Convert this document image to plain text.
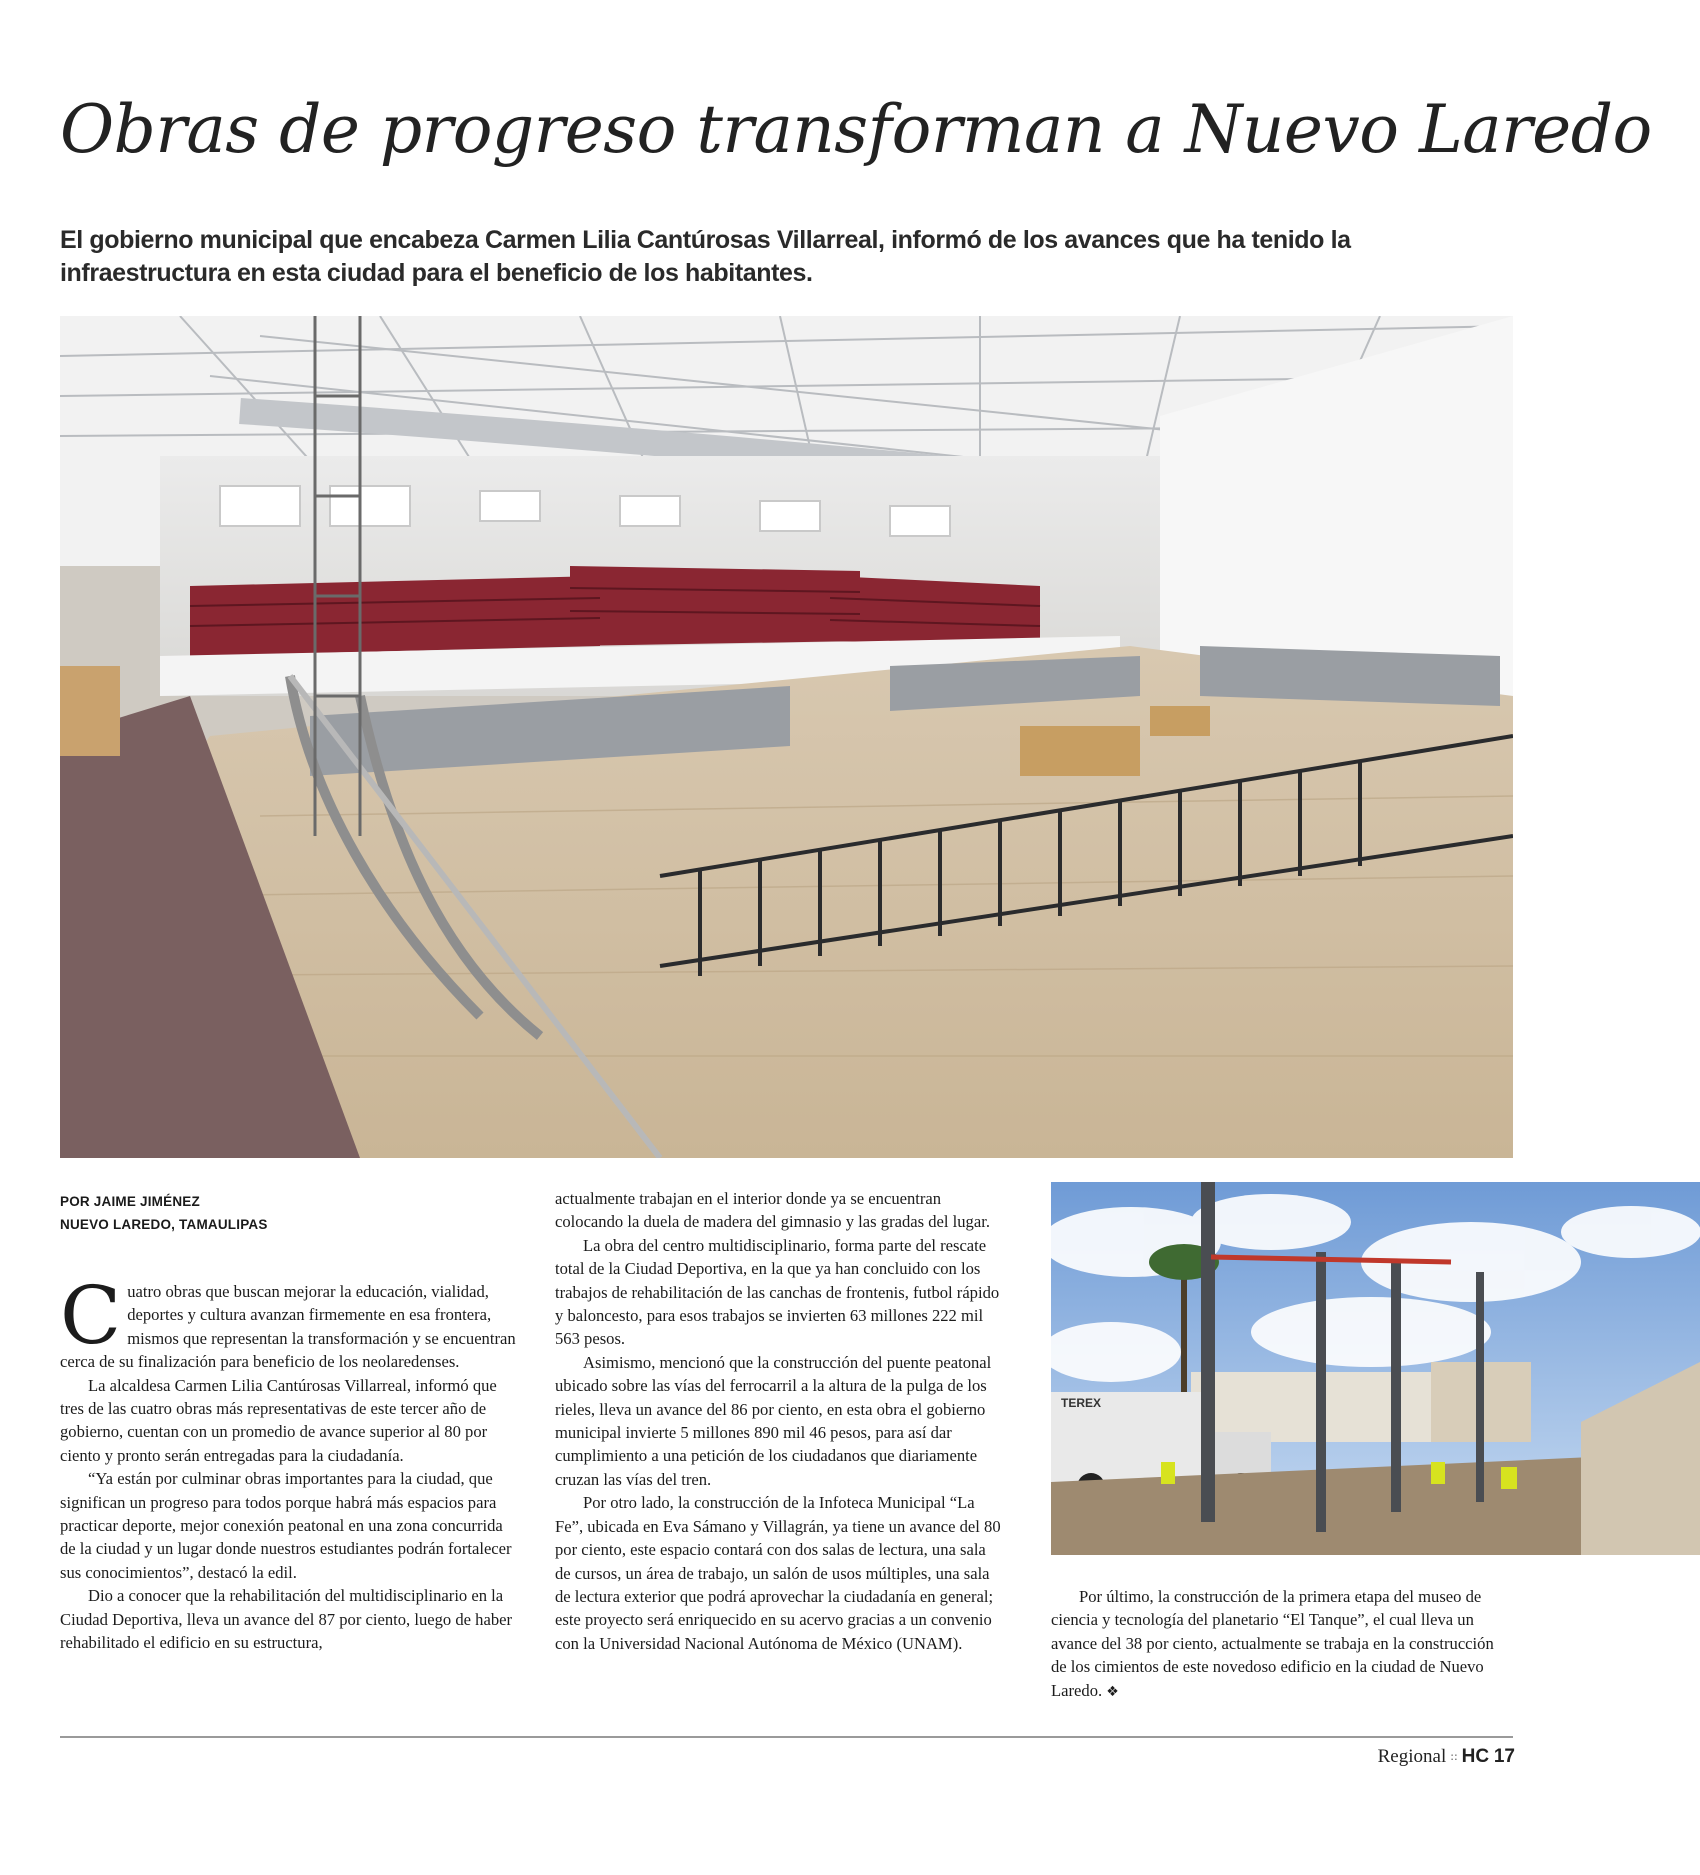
Obras de progreso transforman a Nuevo Laredo

El gobierno municipal que encabeza Carmen Lilia Cantúrosas Villarreal, informó de los avances que ha tenido la infraestructura en esta ciudad para el beneficio de los habitantes.

POR JAIME JIMÉNEZ
NUEVO LAREDO, TAMAULIPAS

Cuatro obras que buscan mejorar la educación, vialidad, deportes y cultura avanzan firmemente en esa frontera, mismos que representan la transformación y se encuentran cerca de su finalización para beneficio de los neolaredenses.

La alcaldesa Carmen Lilia Cantúrosas Villarreal, informó que tres de las cuatro obras más representativas de este tercer año de gobierno, cuentan con un promedio de avance superior al 80 por ciento y pronto serán entregadas para la ciudadanía.

“Ya están por culminar obras importantes para la ciudad, que significan un progreso para todos porque habrá más espacios para practicar deporte, mejor conexión peatonal en una zona concurrida de la ciudad y un lugar donde nuestros estudiantes podrán fortalecer sus conocimientos”, destacó la edil.

Dio a conocer que la rehabilitación del multidisciplinario en la Ciudad Deportiva, lleva un avance del 87 por ciento, luego de haber rehabilitado el edificio en su estructura,

actualmente trabajan en el interior donde ya se encuentran colocando la duela de madera del gimnasio y las gradas del lugar.

La obra del centro multidisciplinario, forma parte del rescate total de la Ciudad Deportiva, en la que ya han concluido con los trabajos de rehabilitación de las canchas de frontenis, futbol rápido y baloncesto, para esos trabajos se invierten 63 millones 222 mil 563 pesos.

Asimismo, mencionó que la construcción del puente peatonal ubicado sobre las vías del ferrocarril a la altura de la pulga de los rieles, lleva un avance del 86 por ciento, en esta obra el gobierno municipal invierte 5 millones 890 mil 46 pesos, para así dar cumplimiento a una petición de los ciudadanos que diariamente cruzan las vías del tren.

Por otro lado, la construcción de la Infoteca Municipal “La Fe”, ubicada en Eva Sámano y Villagrán, ya tiene un avance del 80 por ciento, este espacio contará con dos salas de lectura, una sala de cursos, un área de trabajo, un salón de usos múltiples, una sala de lectura exterior que podrá aprovechar la ciudadanía en general; este proyecto será enriquecido en su acervo gracias a un convenio con la Universidad Nacional Autónoma de México (UNAM).

TEREX

Por último, la construcción de la primera etapa del museo de ciencia y tecnología del planetario “El Tanque”, el cual lleva un avance del 38 por ciento, actualmente se trabaja en la construcción de los cimientos de este novedoso edificio en la ciudad de Nuevo Laredo. ❖

Regional :: HC 17
